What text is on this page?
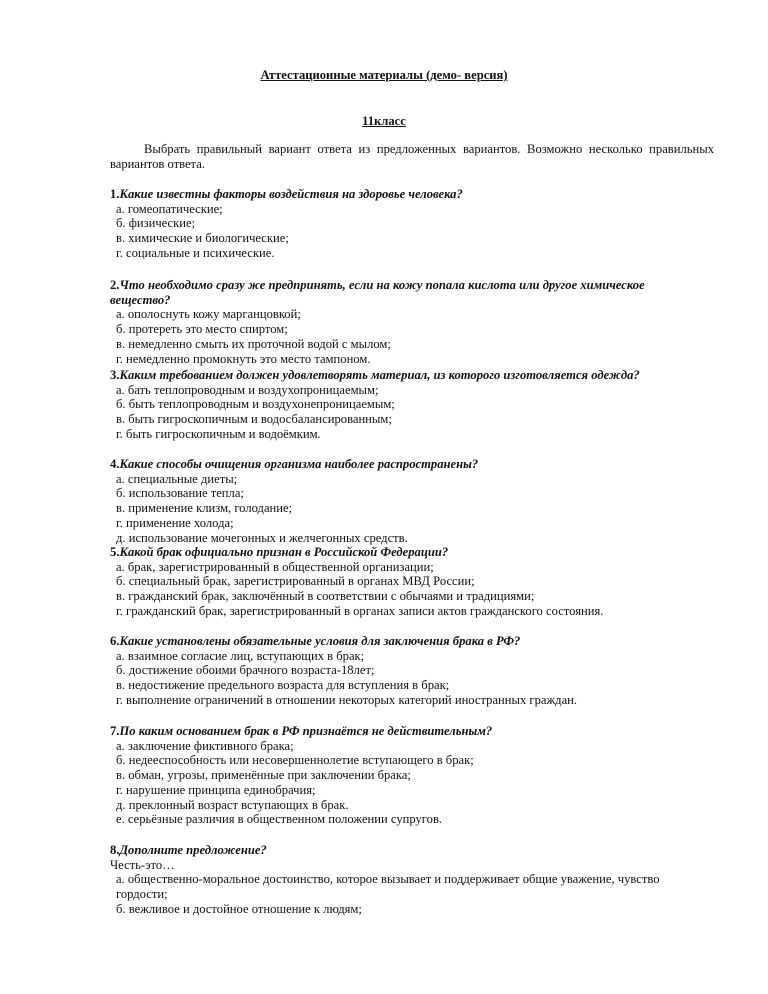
Аттестационные материалы (демо- версия)
11класс
Выбрать правильный вариант ответа из предложенных вариантов. Возможно несколько правильных вариантов ответа.
1.Какие известны факторы воздействия на здоровье человека?
а. гомеопатические;
б. физические;
в. химические и биологические;
г. социальные и психические.
2.Что необходимо сразу же предпринять, если на кожу попала кислота или другое химическое вещество?
а. ополоснуть кожу марганцовкой;
б. протереть это место спиртом;
в. немедленно смыть их проточной водой с мылом;
г. немедленно промокнуть это место тампоном.
3.Каким требованием должен удовлетворять материал, из которого изготовляется одежда?
а. бать теплопроводным и воздухопроницаемым;
б. быть теплопроводным и воздухонепроницаемым;
в. быть гигроскопичным и водосбалансированным;
г. быть гигроскопичным и водоёмким.
4.Какие способы очищения организма наиболее распространены?
а. специальные диеты;
б. использование тепла;
в. применение клизм, голодание;
г. применение холода;
д. использование мочегонных и желчегонных средств.
5.Какой брак официально признан в Российской Федерации?
а. брак, зарегистрированный в общественной организации;
б. специальный брак, зарегистрированный в органах МВД России;
в. гражданский брак, заключённый в соответствии с обычаями и традициями;
г. гражданский брак, зарегистрированный в органах записи актов гражданского состояния.
6.Какие установлены обязательные условия для заключения брака в РФ?
а. взаимное согласие лиц, вступающих в брак;
б. достижение обоими брачного возраста-18лет;
в. недостижение предельного возраста для вступления в брак;
г. выполнение ограничений в отношении некоторых категорий иностранных граждан.
7.По каким основанием брак в РФ признаётся не действительным?
а. заключение фиктивного брака;
б. недееспособность или несовершеннолетие вступающего в брак;
в. обман, угрозы, применённые при заключении брака;
г. нарушение принципа единобрачия;
д. преклонный возраст вступающих в брак.
е. серьёзные различия в общественном положении супругов.
8.Дополните предложение?
Честь-это…
а. общественно-моральное достоинство, которое вызывает и поддерживает общие уважение, чувство гордости;
б. вежливое и достойное отношение к людям;
